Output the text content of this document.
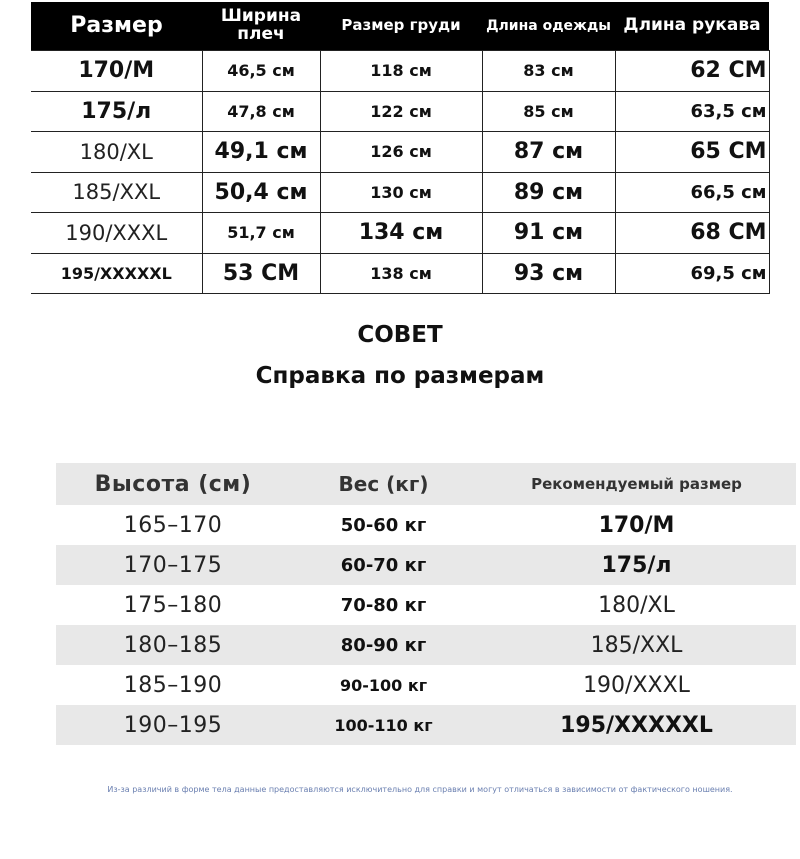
Размер	Ширина плеч	Размер груди	Длина одежды	Длина рукава
170/M	46,5 см	118 см	83 см	62 СМ
175/л	47,8 см	122 см	85 см	63,5 см
180/XL	49,1 см	126 см	87 см	65 СМ
185/XXL	50,4 см	130 см	89 см	66,5 см
190/XXXL	51,7 см	134 см	91 см	68 СМ
195/XXXXXL	53 СМ	138 см	93 см	69,5 см
СОВЕТ
Справка по размерам
Высота (см)	Вес (кг)	Рекомендуемый размер
165–170	50-60 кг	170/M
170–175	60-70 кг	175/л
175–180	70-80 кг	180/XL
180–185	80-90 кг	185/XXL
185–190	90-100 кг	190/XXXL
190–195	100-110 кг	195/XXXXXL
Из-за различий в форме тела данные предоставляются исключительно для справки и могут отличаться в зависимости от фактического ношения.
